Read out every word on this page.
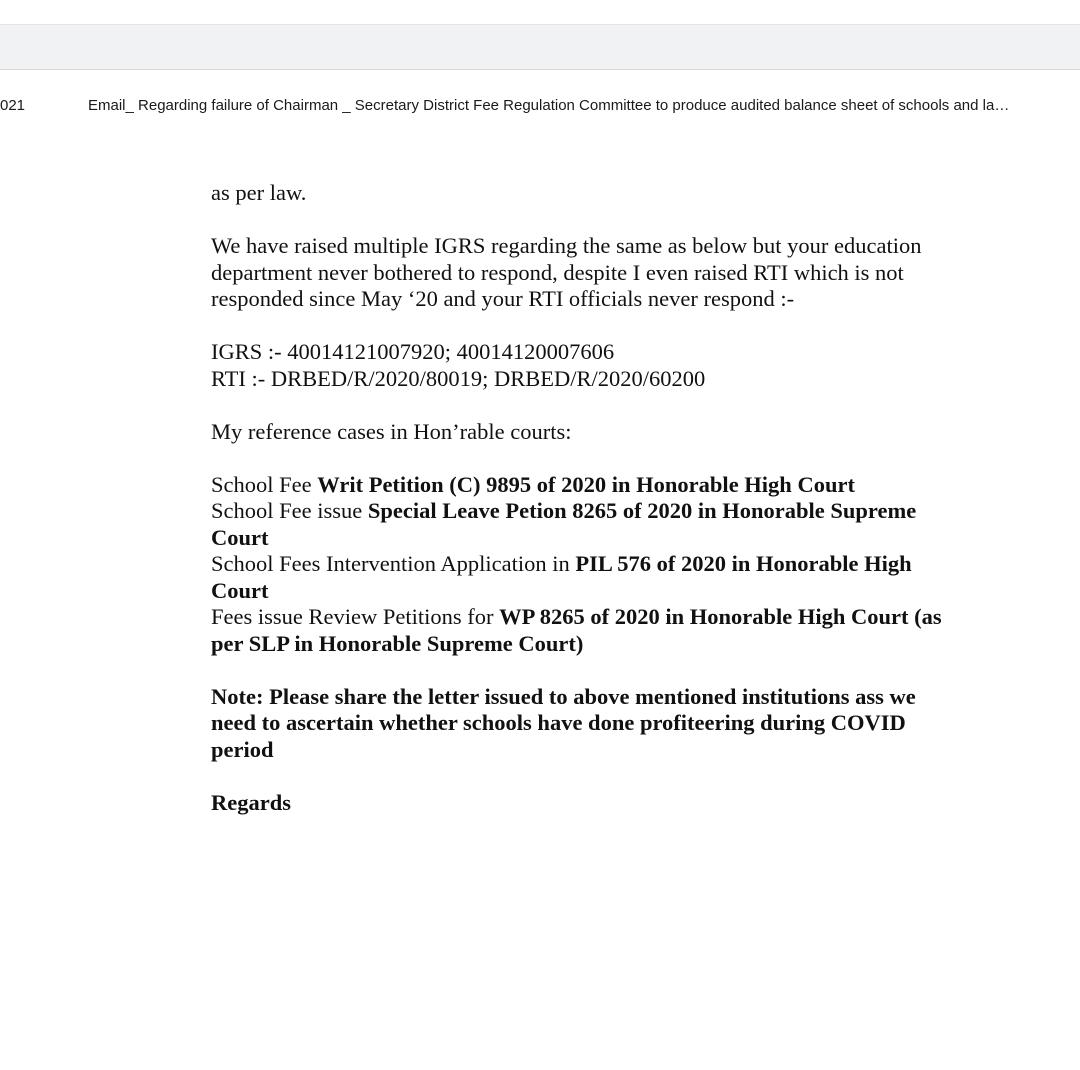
021	Email_ Regarding failure of Chairman _ Secretary District Fee Regulation Committee to produce audited balance sheet of schools and la…

as per law.

We have raised multiple IGRS regarding the same as below but your education
department never bothered to respond, despite I even raised RTI which is not
responded since May ‘20 and your RTI officials never respond :-

IGRS :- 40014121007920; 40014120007606
RTI :- DRBED/R/2020/80019; DRBED/R/2020/60200

My reference cases in Hon’rable courts:

School Fee Writ Petition (C) 9895 of 2020 in Honorable High Court
School Fee issue Special Leave Petion 8265 of 2020 in Honorable Supreme
Court
School Fees Intervention Application in PIL 576 of 2020 in Honorable High
Court
Fees issue Review Petitions for WP 8265 of 2020 in Honorable High Court (as
per SLP in Honorable Supreme Court)

Note: Please share the letter issued to above mentioned institutions ass we
need to ascertain whether schools have done profiteering during COVID
period

Regards
